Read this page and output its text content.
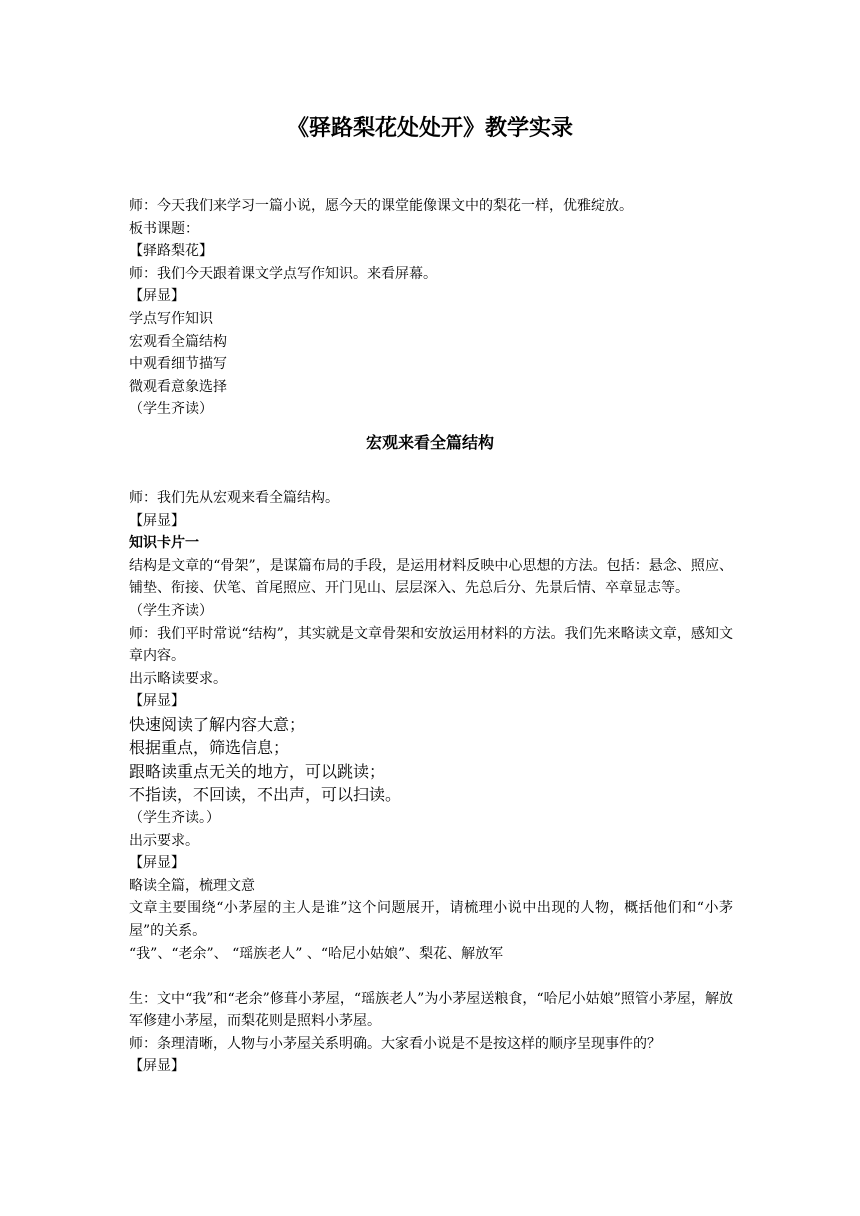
《驿路梨花处处开》教学实录

师：今天我们来学习一篇小说，愿今天的课堂能像课文中的梨花一样，优雅绽放。

板书课题：

【驿路梨花】

师：我们今天跟着课文学点写作知识。来看屏幕。

【屏显】

学点写作知识

宏观看全篇结构

中观看细节描写

微观看意象选择

（学生齐读）

宏观来看全篇结构

师：我们先从宏观来看全篇结构。

【屏显】

知识卡片一

结构是文章的“骨架”，是谋篇布局的手段，是运用材料反映中心思想的方法。包括：悬念、照应、铺垫、衔接、伏笔、首尾照应、开门见山、层层深入、先总后分、先景后情、卒章显志等。

（学生齐读）

师：我们平时常说“结构”，其实就是文章骨架和安放运用材料的方法。我们先来略读文章，感知文章内容。

出示略读要求。

【屏显】

快速阅读了解内容大意；

根据重点，筛选信息；

跟略读重点无关的地方，可以跳读；

不指读，不回读，不出声，可以扫读。

（学生齐读。）

出示要求。

【屏显】

略读全篇，梳理文意

文章主要围绕“小茅屋的主人是谁”这个问题展开，请梳理小说中出现的人物，概括他们和“小茅屋”的关系。

“我”、“老余”、 “瑶族老人” 、“哈尼小姑娘”、梨花、解放军

生：文中“我”和“老余”修葺小茅屋，“瑶族老人”为小茅屋送粮食，“哈尼小姑娘”照管小茅屋，解放军修建小茅屋，而梨花则是照料小茅屋。

师：条理清晰，人物与小茅屋关系明确。大家看小说是不是按这样的顺序呈现事件的？

【屏显】
